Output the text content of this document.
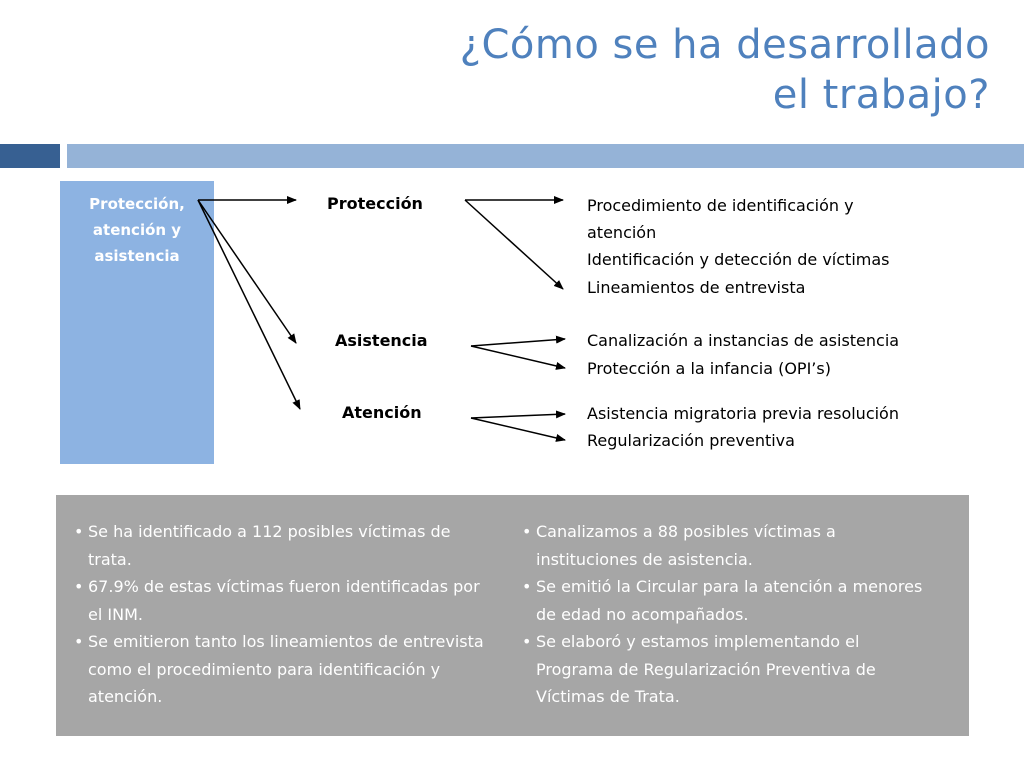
¿Cómo se ha desarrollado
el trabajo?
Protección,
atención y
asistencia
Protección
Asistencia
Atención
Procedimiento de identificación y
atención
Identificación y detección de víctimas
Lineamientos de entrevista
Canalización a instancias de asistencia
Protección a la infancia (OPI’s)
Asistencia migratoria previa resolución
Regularización preventiva
• Se ha identificado a 112 posibles víctimas de trata.
• 67.9% de estas víctimas fueron identificadas por el INM.
• Se emitieron tanto los lineamientos de entrevista como el procedimiento para identificación y atención.
• Canalizamos a 88 posibles víctimas a instituciones de asistencia.
• Se emitió la Circular para la atención a menores de edad no acompañados.
• Se elaboró y estamos implementando el Programa de Regularización Preventiva de Víctimas de Trata.
